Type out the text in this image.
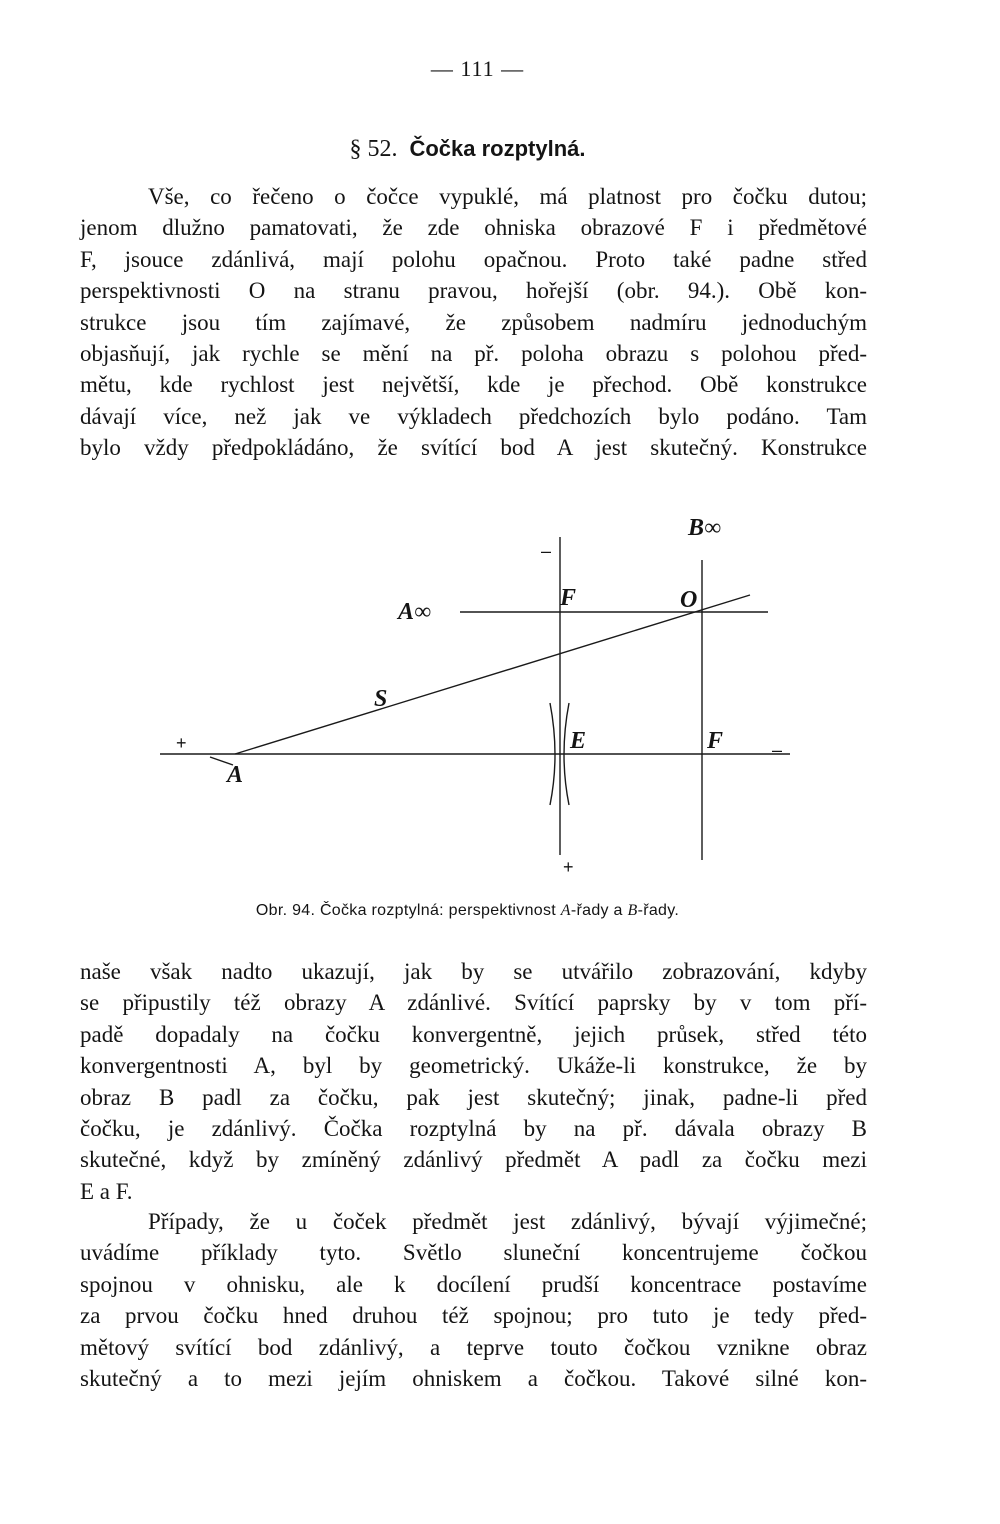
— 111 —
§ 52. Čočka rozptylná.
Vše, co řečeno o čočce vypuklé, má platnost pro čočku dutou;
jenom dlužno pamatovati, že zde ohniska obrazové F i předmětové
F, jsouce zdánlivá, mají polohu opačnou. Proto také padne střed
perspektivnosti O na stranu pravou, hořejší (obr. 94.). Obě kon-
strukce jsou tím zajímavé, že způsobem nadmíru jednoduchým
objasňují, jak rychle se mění na př. poloha obrazu s polohou před-
mětu, kde rychlost jest největší, kde je přechod. Obě konstrukce
dávají více, než jak ve výkladech předchozích bylo podáno. Tam
bylo vždy předpokládáno, že svítící bod A jest skutečný. Konstrukce
B∞
A∞
F	O
S
E	F
A
+	–
–
+
Obr. 94. Čočka rozptylná: perspektivnost A-řady a B-řady.
naše však nadto ukazují, jak by se utvářilo zobrazování, kdyby
se připustily též obrazy A zdánlivé. Svítící paprsky by v tom pří-
padě dopadaly na čočku konvergentně, jejich průsek, střed této
konvergentnosti A, byl by geometrický. Ukáže-li konstrukce, že by
obraz B padl za čočku, pak jest skutečný; jinak, padne-li před
čočku, je zdánlivý. Čočka rozptylná by na př. dávala obrazy B
skutečné, když by zmíněný zdánlivý předmět A padl za čočku mezi
E a F.
Případy, že u čoček předmět jest zdánlivý, bývají výjimečné;
uvádíme příklady tyto. Světlo sluneční koncentrujeme čočkou
spojnou v ohnisku, ale k docílení prudší koncentrace postavíme
za prvou čočku hned druhou též spojnou; pro tuto je tedy před-
mětový svítící bod zdánlivý, a teprve touto čočkou vznikne obraz
skutečný a to mezi jejím ohniskem a čočkou. Takové silné kon-
